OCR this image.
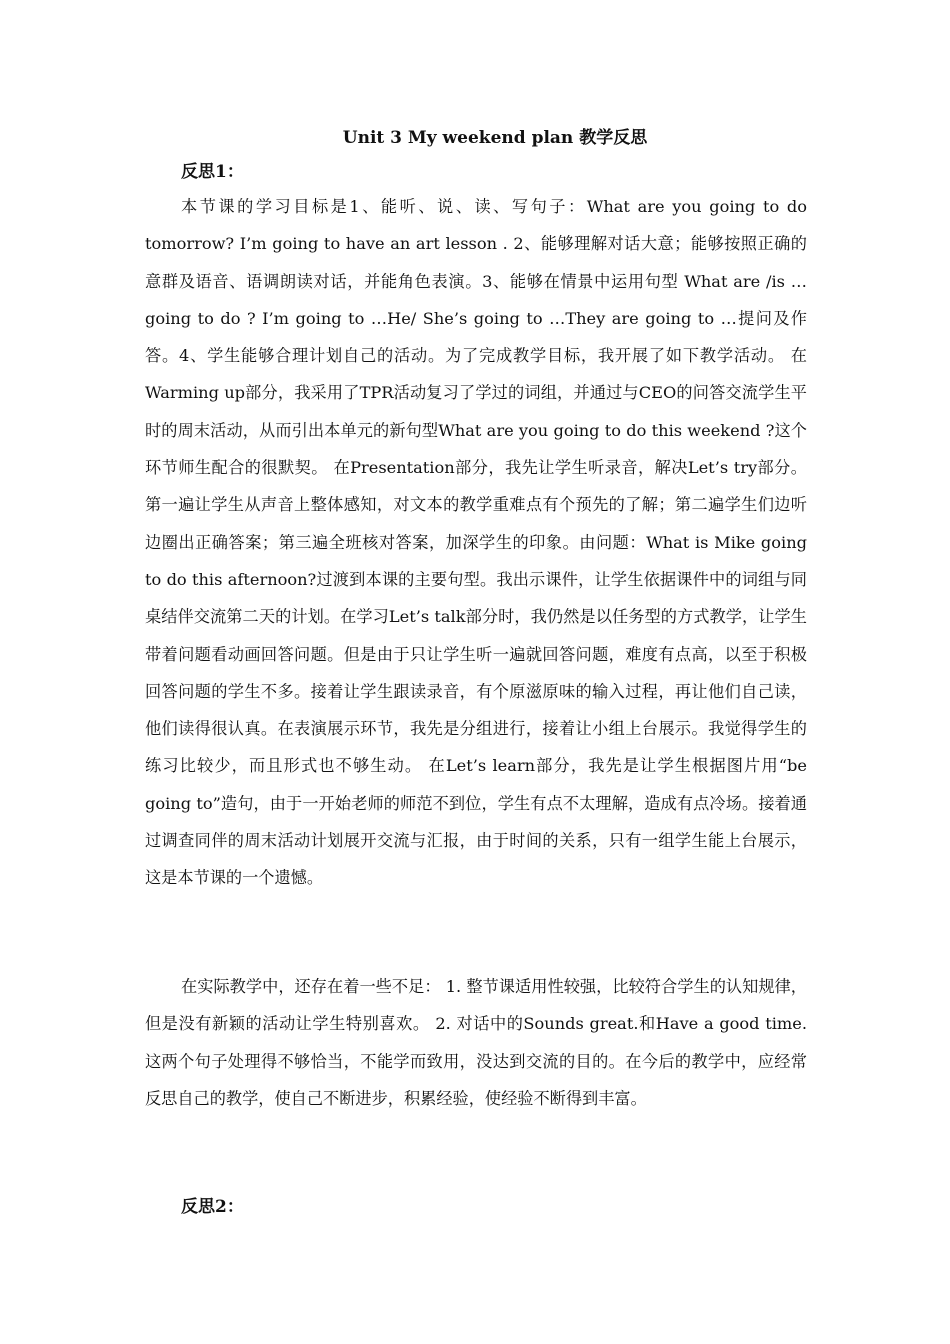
Unit 3 My weekend plan 教学反思
反思1：

本节课的学习目标是1、能听、说、读、写句子：What are you going to do tomorrow? I’m going to have an art lesson . 2、能够理解对话大意；能够按照正确的意群及语音、语调朗读对话，并能角色表演。3、能够在情景中运用句型 What are /is …going to do ? I’m going to …He/ She’s going to …They are going to …提问及作答。4、学生能够合理计划自己的活动。为了完成教学目标，我开展了如下教学活动。 在Warming up部分，我采用了TPR活动复习了学过的词组，并通过与CEO的问答交流学生平时的周末活动，从而引出本单元的新句型What are you going to do this weekend ?这个环节师生配合的很默契。 在Presentation部分，我先让学生听录音，解决Let’s try部分。第一遍让学生从声音上整体感知，对文本的教学重难点有个预先的了解；第二遍学生们边听边圈出正确答案；第三遍全班核对答案，加深学生的印象。由问题：What is Mike going to do this afternoon?过渡到本课的主要句型。我出示课件，让学生依据课件中的词组与同桌结伴交流第二天的计划。在学习Let’s talk部分时，我仍然是以任务型的方式教学，让学生带着问题看动画回答问题。但是由于只让学生听一遍就回答问题，难度有点高，以至于积极回答问题的学生不多。接着让学生跟读录音，有个原滋原味的输入过程，再让他们自己读，他们读得很认真。在表演展示环节，我先是分组进行，接着让小组上台展示。我觉得学生的练习比较少，而且形式也不够生动。 在Let’s learn部分，我先是让学生根据图片用“be going to”造句，由于一开始老师的师范不到位，学生有点不太理解，造成有点冷场。接着通过调查同伴的周末活动计划展开交流与汇报，由于时间的关系，只有一组学生能上台展示，这是本节课的一个遗憾。

在实际教学中，还存在着一些不足： 1. 整节课适用性较强，比较符合学生的认知规律，但是没有新颖的活动让学生特别喜欢。 2. 对话中的Sounds great.和Have a good time.这两个句子处理得不够恰当，不能学而致用，没达到交流的目的。在今后的教学中，应经常反思自己的教学，使自己不断进步，积累经验，使经验不断得到丰富。

反思2：
